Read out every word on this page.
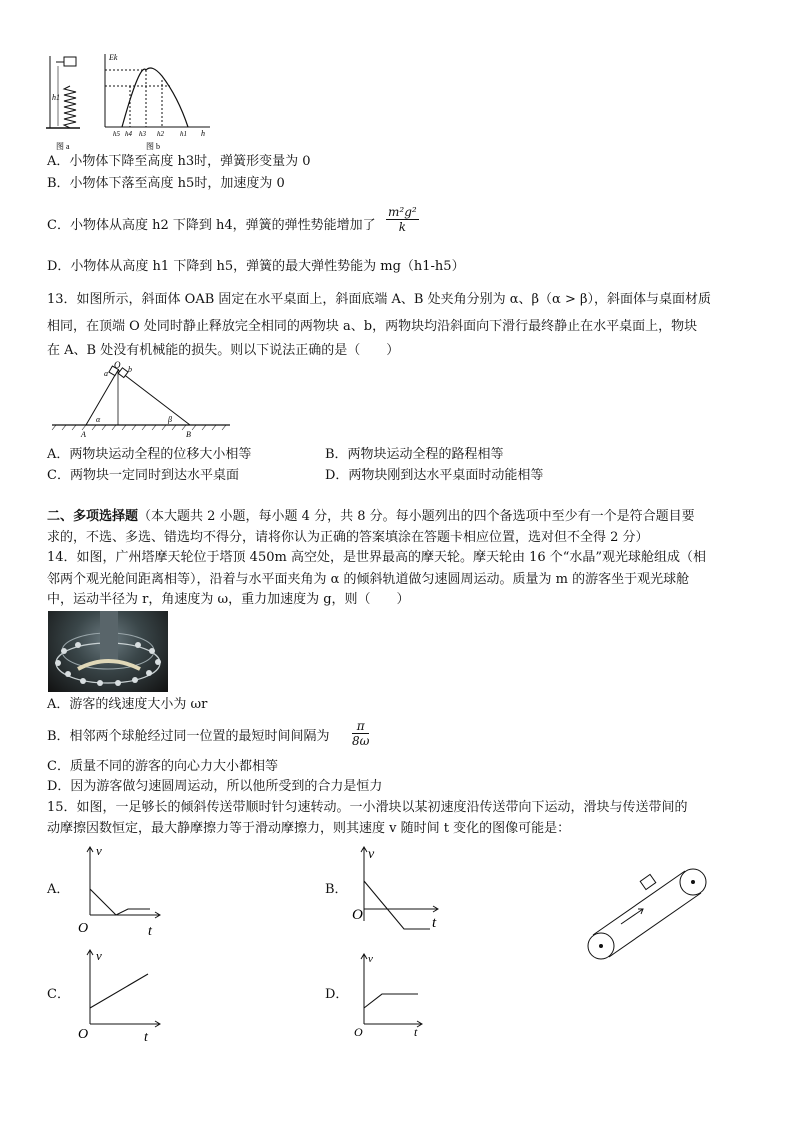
h1
图 a
Ek
h
h5 h4 h3 h2 h1
图 b
A．小物体下降至高度 h3时，弹簧形变量为 0
B．小物体下落至高度 h5时，加速度为 0
C．小物体从高度 h2 下降到 h4，弹簧的弹性势能增加了 $\frac{\text{m²g²}}{k}$
D．小物体从高度 h1 下降到 h5，弹簧的最大弹性势能为 mg（h1-h5）
13．如图所示，斜面体 OAB 固定在水平桌面上，斜面底端 A、B 处夹角分别为 α、β（α > β），斜面体与桌面材质
相同，在顶端 O 处同时静止释放完全相同的两物块 a、b，两物块均沿斜面向下滑行最终静止在水平桌面上，物块
在 A、B 处没有机械能的损失。则以下说法正确的是（　　）
O
a	b
α	β
A	B
A．两物块运动全程的位移大小相等	B．两物块运动全程的路程相等
C．两物块一定同时到达水平桌面	D．两物块刚到达水平桌面时动能相等
二、多项选择题（本大题共 2 小题，每小题 4 分，共 8 分。每小题列出的四个备选项中至少有一个是符合题目要
求的，不选、多选、错选均不得分，请将你认为正确的答案填涂在答题卡相应位置，选对但不全得 2 分）
14．如图，广州塔摩天轮位于塔顶 450m 高空处，是世界最高的摩天轮。摩天轮由 16 个“水晶”观光球舱组成（相
邻两个观光舱间距离相等），沿着与水平面夹角为 α 的倾斜轨道做匀速圆周运动。质量为 m 的游客坐于观光球舱
中，运动半径为 r，角速度为 ω，重力加速度为 g，则（　　）
A．游客的线速度大小为 ωr
B．相邻两个球舱经过同一位置的最短时间间隔为 $\frac{\pi}{8\omega}$
C．质量不同的游客的向心力大小都相等
D．因为游客做匀速圆周运动，所以他所受到的合力是恒力
15．如图，一足够长的倾斜传送带顺时针匀速转动。一小滑块以某初速度沿传送带向下运动，滑块与传送带间的
动摩擦因数恒定，最大静摩擦力等于滑动摩擦力，则其速度 v 随时间 t 变化的图像可能是：
A．
v
O	t
B．
v
O	t
C．
v
O	t
D．
v
O	t
